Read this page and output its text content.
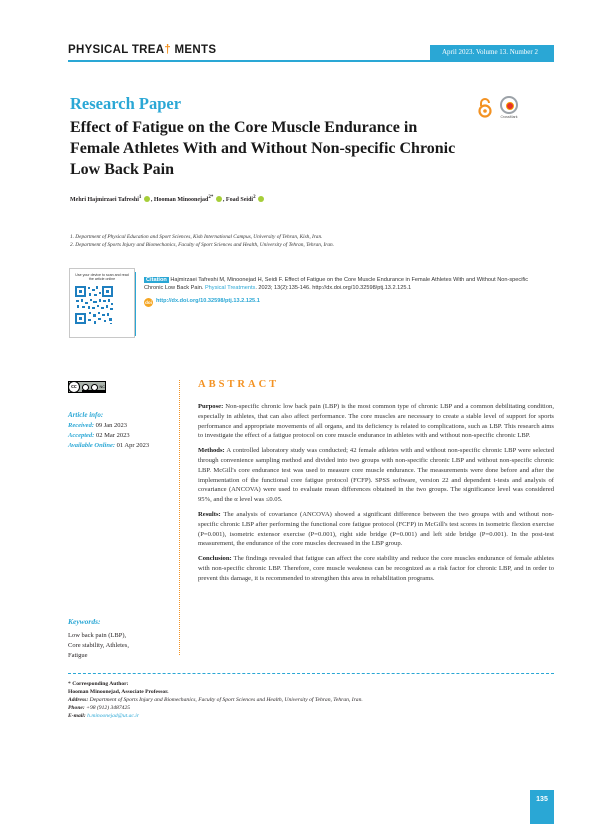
PHYSICAL TREA† MENTS	April 2023. Volume 13. Number 2
Research Paper
Effect of Fatigue on the Core Muscle Endurance in Female Athletes With and Without Non-specific Chronic Low Back Pain
CrossMark
Mehri Hajmirzaei Tafreshi$^1$ , Hooman Minoonejad$^{2*}$ , Foad Seidi$^2$
1. Department of Physical Education and Sport Sciences, Kish International Campus, University of Tehran, Kish, Iran.
2. Department of Sports Injury and Biomechanics, Faculty of Sport Sciences and Health, University of Tehran, Tehran, Iran.
Use your device to scan and read the article online	Citation Hajmirzaei Tafreshi M, Minoonejad H, Seidi F. Effect of Fatigue on the Core Muscle Endurance in Female Athletes With and Without Non-specific Chronic Low Back Pain. Physical Treatments. 2023; 13(2):135-146. http://dx.doi.org/10.32598/ptj.13.2.125.1
doi http://dx.doi.org/10.32598/ptj.13.2.125.1
cc	NC
Article info:
Received: 09 Jan 2023
Accepted: 02 Mar 2023
Available Online: 01 Apr 2023
Keywords:
Low back pain (LBP),
Core stability, Athletes,
Fatigue
ABSTRACT

Purpose: Non-specific chronic low back pain (LBP) is the most common type of chronic LBP and a common debilitating condition, especially in athletes, that can also affect performance. The core muscles are necessary to create a stable level of support for sports performance and appropriate movements of all organs, and its deficiency is related to complications, such as LBP. This research aims to investigate the effect of a fatigue protocol on core muscle endurance in athletes with and without non-specific chronic LBP.

Methods: A controlled laboratory study was conducted; 42 female athletes with and without non-specific chronic LBP were selected through convenience sampling method and divided into two groups with non-specific chronic LBP and without non-specific chronic LBP. McGill's core endurance test was used to measure core muscle endurance. The measurements were done before and after the implementation of the functional core fatigue protocol (FCFP). SPSS software, version 22 and dependent t-tests and analysis of covariance (ANCOVA) were used to evaluate mean differences obtained in the two groups. The significance level was considered 95%, and the α level was ≤0.05.

Results: The analysis of covariance (ANCOVA) showed a significant difference between the two groups with and without non-specific chronic LBP after performing the functional core fatigue protocol (FCFP) in McGill's test scores in isometric flexion exercise (P=0.001), isometric extensor exercise (P=0.001), right side bridge (P=0.001) and left side bridge (P=0.001). In the post-test measurement, the endurance of the core muscles decreased in the LBP group.

Conclusion: The findings revealed that fatigue can affect the core stability and reduce the core muscles endurance of female athletes with non-specific chronic LBP. Therefore, core muscle weakness can be recognized as a risk factor for chronic LBP, and in order to prevent this damage, it is recommended to strengthen this area in rehabilitation programs.

* Corresponding Author:
Hooman Minoonejad, Associate Professor.
Address: Department of Sports Injury and Biomechanics, Faculty of Sport Sciences and Health, University of Tehran, Tehran, Iran.
Phone: +98 (912) 3487425
E-mail: h.minoonejad@ut.ac.ir
135
